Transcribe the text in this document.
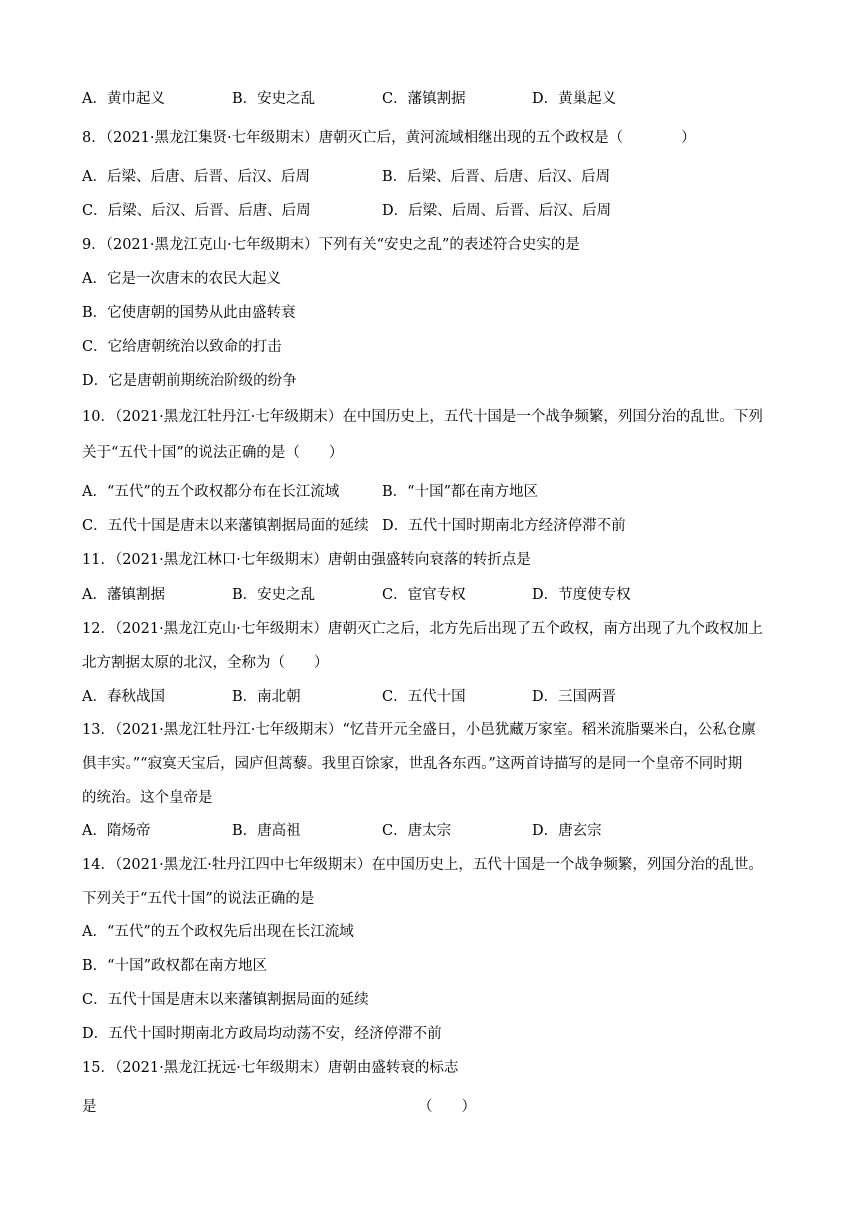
A．黄巾起义	B．安史之乱	C．藩镇割据	D．黄巢起义
8．（2021·黑龙江集贤·七年级期末）唐朝灭亡后，黄河流域相继出现的五个政权是（　　　　）
A．后梁、后唐、后晋、后汉、后周	B．后梁、后晋、后唐、后汉、后周
C．后梁、后汉、后晋、后唐、后周	D．后梁、后周、后晋、后汉、后周
9．（2021·黑龙江克山·七年级期末）下列有关“安史之乱”的表述符合史实的是
A．它是一次唐末的农民大起义
B．它使唐朝的国势从此由盛转衰
C．它给唐朝统治以致命的打击
D．它是唐朝前期统治阶级的纷争
10．（2021·黑龙江牡丹江·七年级期末）在中国历史上，五代十国是一个战争频繁，列国分治的乱世。下列
关于“五代十国”的说法正确的是（　　）
A．“五代”的五个政权都分布在长江流域	B．“十国”都在南方地区
C．五代十国是唐末以来藩镇割据局面的延续 D．五代十国时期南北方经济停滞不前
11．（2021·黑龙江林口·七年级期末）唐朝由强盛转向衰落的转折点是
A．藩镇割据	B．安史之乱	C．宦官专权	D．节度使专权
12．（2021·黑龙江克山·七年级期末）唐朝灭亡之后，北方先后出现了五个政权，南方出现了九个政权加上
北方割据太原的北汉，全称为（　　）
A．春秋战国	B．南北朝	C．五代十国	D．三国两晋
13．（2021·黑龙江牡丹江·七年级期末）“忆昔开元全盛日，小邑犹藏万家室。稻米流脂粟米白，公私仓廪
俱丰实。”“寂寞天宝后，园庐但蒿藜。我里百馀家，世乱各东西。”这两首诗描写的是同一个皇帝不同时期
的统治。这个皇帝是
A．隋炀帝	B．唐高祖	C．唐太宗	D．唐玄宗
14．（2021·黑龙江·牡丹江四中七年级期末）在中国历史上，五代十国是一个战争频繁，列国分治的乱世。
下列关于“五代十国”的说法正确的是
A．“五代”的五个政权先后出现在长江流域
B．“十国”政权都在南方地区
C．五代十国是唐末以来藩镇割据局面的延续
D．五代十国时期南北方政局均动荡不安，经济停滞不前
15．（2021·黑龙江抚远·七年级期末）唐朝由盛转衰的标志
是	（　　）
